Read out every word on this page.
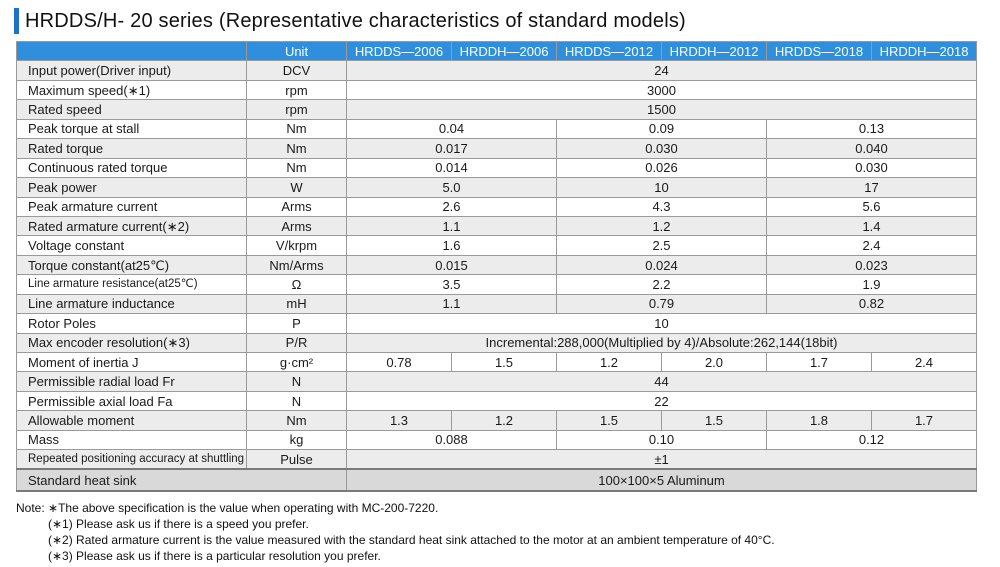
HRDDS/H- 20 series (Representative characteristics of standard models)
	Unit	HRDDS—2006	HRDDH—2006	HRDDS—2012	HRDDH—2012	HRDDS—2018	HRDDH—2018
Input power(Driver input)	DCV	24					
Maximum speed(∗1)	rpm	3000					
Rated speed	rpm	1500					
Peak torque at stall	Nm	0.04		0.09		0.13	
Rated torque	Nm	0.017		0.030		0.040	
Continuous rated torque	Nm	0.014		0.026		0.030	
Peak power	W	5.0		10		17	
Peak armature current	Arms	2.6		4.3		5.6	
Rated armature current(∗2)	Arms	1.1		1.2		1.4	
Voltage constant	V/krpm	1.6		2.5		2.4	
Torque constant(at25℃)	Nm/Arms	0.015		0.024		0.023	
Line armature resistance(at25℃)	Ω	3.5		2.2		1.9	
Line armature inductance	mH	1.1		0.79		0.82	
Rotor Poles	P	10					
Max encoder resolution(∗3)	P/R	Incremental:288,000(Multiplied by 4)/Absolute:262,144(18bit)					
Moment of inertia J	g·cm²	0.78	1.5	1.2	2.0	1.7	2.4
Permissible radial load Fr	N	44					
Permissible axial load Fa	N	22					
Allowable moment	Nm	1.3	1.2	1.5	1.5	1.8	1.7
Mass	kg	0.088		0.10		0.12	
Repeated positioning accuracy at shuttling	Pulse	±1					
Standard heat sink		100×100×5 Aluminum					
Note: ∗The above specification is the value when operating with MC-200-7220.
(∗1) Please ask us if there is a speed you prefer.
(∗2) Rated armature current is the value measured with the standard heat sink attached to the motor at an ambient temperature of 40°C.
(∗3) Please ask us if there is a particular resolution you prefer.
